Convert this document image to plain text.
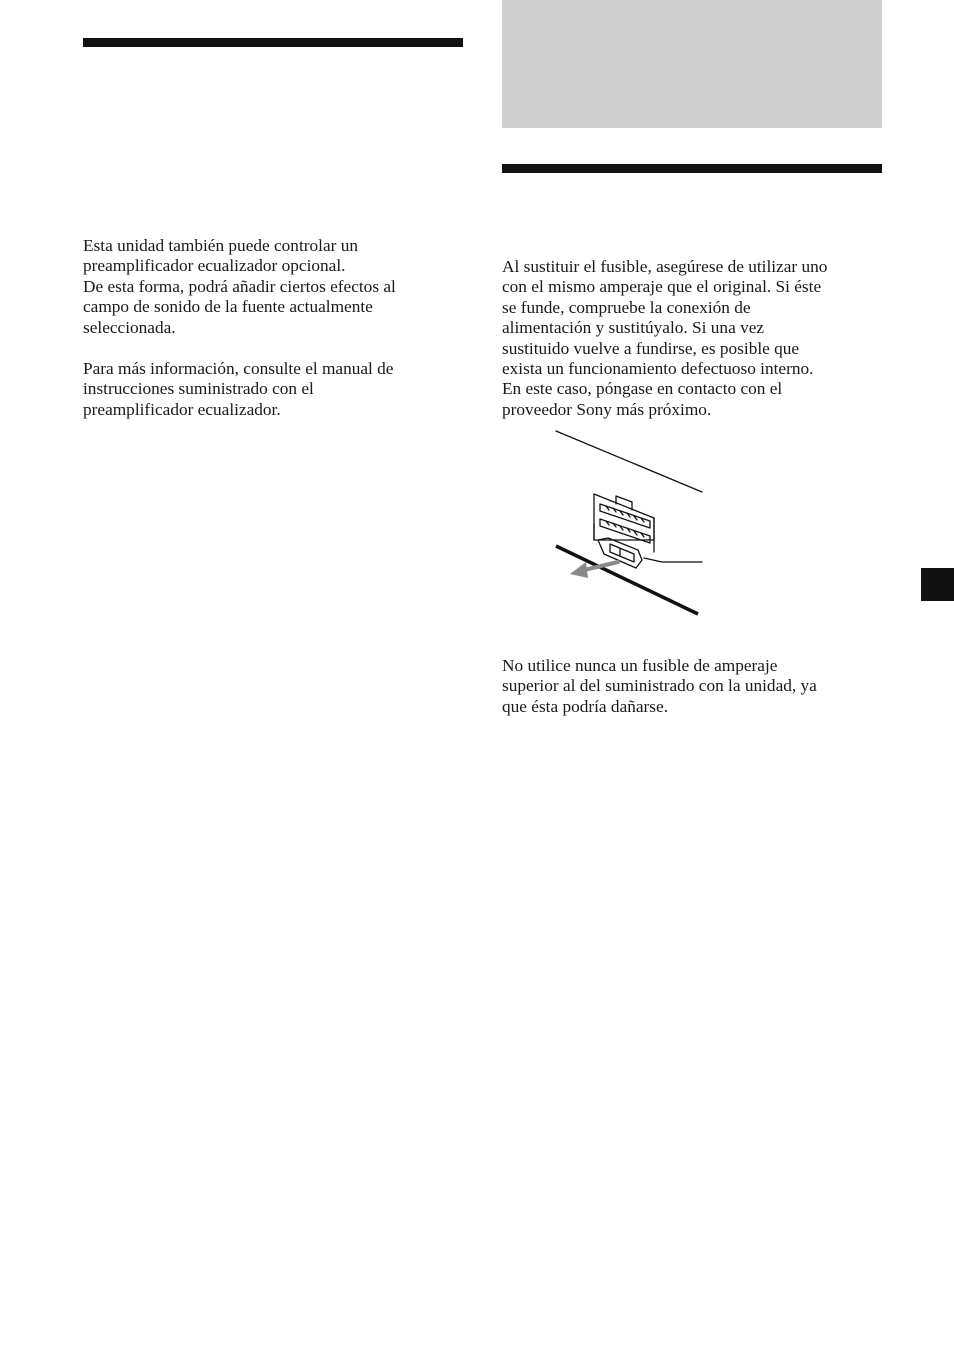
Esta unidad también puede controlar un
preamplificador ecualizador opcional.
De esta forma, podrá añadir ciertos efectos al
campo de sonido de la fuente actualmente
seleccionada.

Para más información, consulte el manual de
instrucciones suministrado con el
preamplificador ecualizador.

Al sustituir el fusible, asegúrese de utilizar uno
con el mismo amperaje que el original. Si éste
se funde, compruebe la conexión de
alimentación y sustitúyalo. Si una vez
sustituido vuelve a fundirse, es posible que
exista un funcionamiento defectuoso interno.
En este caso, póngase en contacto con el
proveedor Sony más próximo.

No utilice nunca un fusible de amperaje
superior al del suministrado con la unidad, ya
que ésta podría dañarse.
